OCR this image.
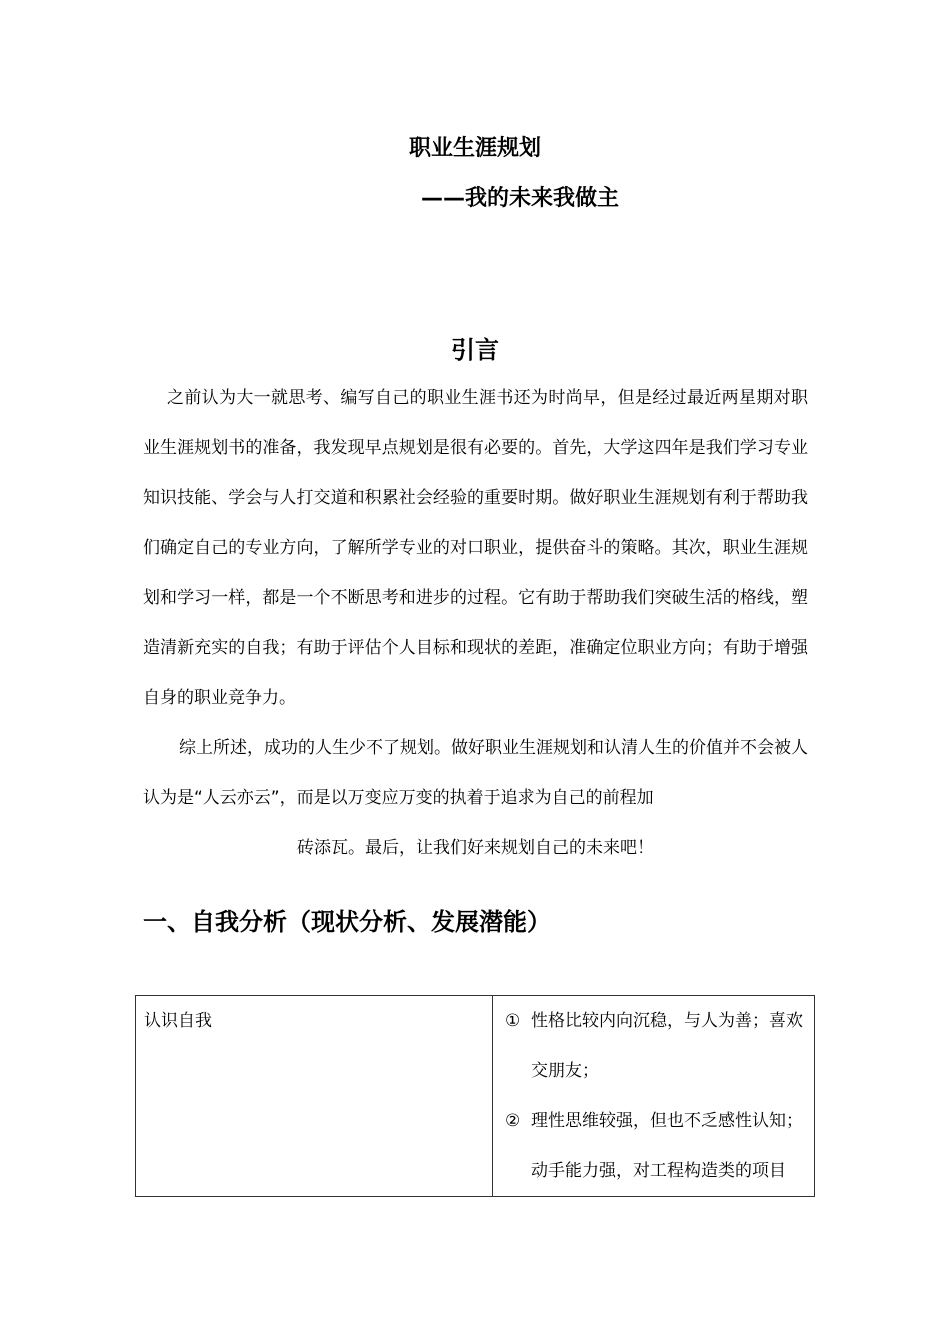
职业生涯规划
——我的未来我做主
引言

之前认为大一就思考、编写自己的职业生涯书还为时尚早，但是经过最近两星期对职业生涯规划书的准备，我发现早点规划是很有必要的。首先，大学这四年是我们学习专业知识技能、学会与人打交道和积累社会经验的重要时期。做好职业生涯规划有利于帮助我们确定自己的专业方向，了解所学专业的对口职业，提供奋斗的策略。其次，职业生涯规划和学习一样，都是一个不断思考和进步的过程。它有助于帮助我们突破生活的格线，塑造清新充实的自我；有助于评估个人目标和现状的差距，准确定位职业方向；有助于增强自身的职业竞争力。

综上所述，成功的人生少不了规划。做好职业生涯规划和认清人生的价值并不会被人认为是“人云亦云”，而是以万变应万变的执着于追求为自己的前程加
砖添瓦。最后，让我们好来规划自己的未来吧！

一、自我分析（现状分析、发展潜能）
认识自我	① 性格比较内向沉稳，与人为善；喜欢交朋友；
② 理性思维较强，但也不乏感性认知；动手能力强，对工程构造类的项目
